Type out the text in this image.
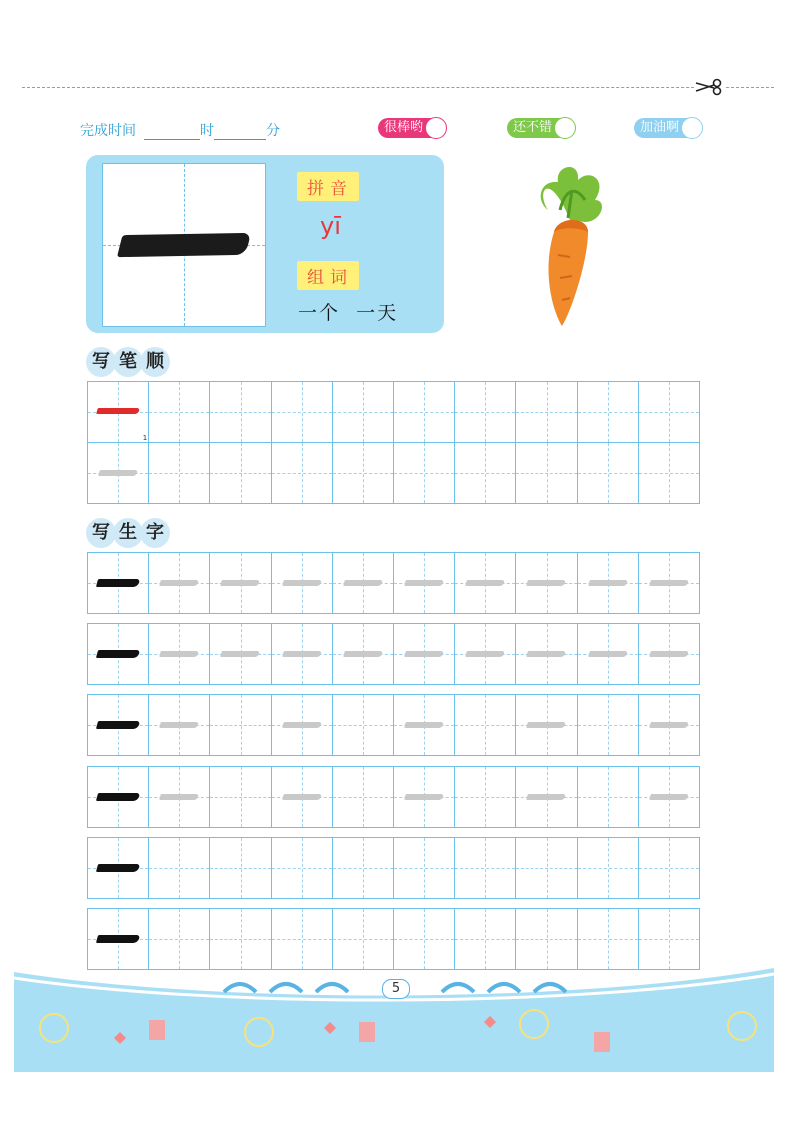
完成时间	时	分	很棒哟	还不错	加油啊
拼音
yī
组词
一个  一天
写 笔 顺
1
写 生 字
5
